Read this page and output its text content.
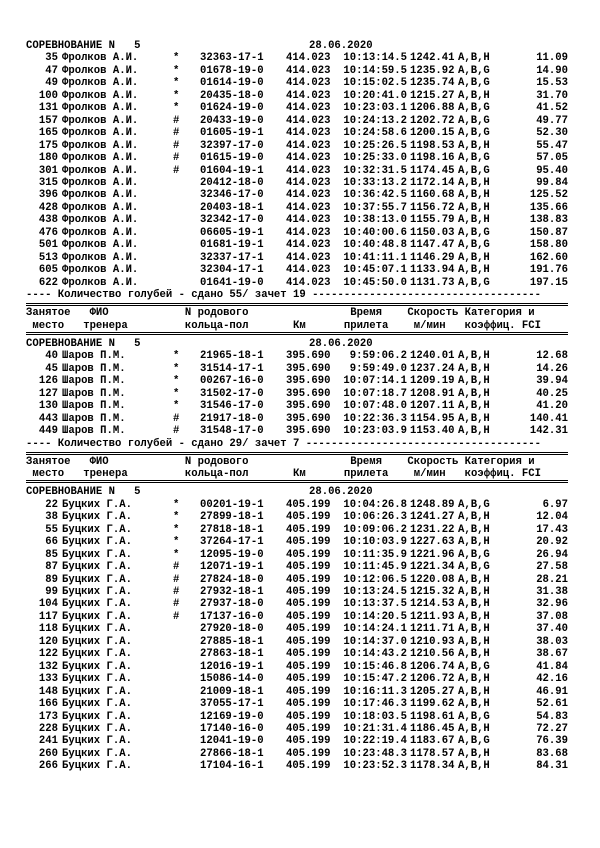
СОРЕВНОВАНИЕ N   5	28.06.2020
35 Фролков А.И.	* 32363-17-1 414.023	10:13:14.5 1242.41 A,B,H	11.09
47 Фролков А.И.	* 01678-19-0 414.023	10:14:59.5 1235.92 A,B,G	14.90
49 Фролков А.И.	* 01614-19-0 414.023	10:15:02.5 1235.74 A,B,G	15.53
100 Фролков А.И.	* 20435-18-0 414.023	10:20:41.0 1215.27 A,B,H	31.70
131 Фролков А.И.	* 01624-19-0 414.023	10:23:03.1 1206.88 A,B,G	41.52
157 Фролков А.И.	# 20433-19-0 414.023	10:24:13.2 1202.72 A,B,G	49.77
165 Фролков А.И.	# 01605-19-1 414.023	10:24:58.6 1200.15 A,B,G	52.30
175 Фролков А.И.	# 32397-17-0 414.023	10:25:26.5 1198.53 A,B,H	55.47
180 Фролков А.И.	# 01615-19-0 414.023	10:25:33.0 1198.16 A,B,G	57.05
301 Фролков А.И.	# 01604-19-1 414.023	10:32:31.5 1174.45 A,B,G	95.40
315 Фролков А.И.	20412-18-0 414.023	10:33:13.2 1172.14 A,B,H	99.84
396 Фролков А.И.	32346-17-0 414.023	10:36:42.5 1160.68 A,B,H	125.52
428 Фролков А.И.	20403-18-1 414.023	10:37:55.7 1156.72 A,B,H	135.66
438 Фролков А.И.	32342-17-0 414.023	10:38:13.0 1155.79 A,B,H	138.83
476 Фролков А.И.	06605-19-1 414.023	10:40:00.6 1150.03 A,B,G	150.87
501 Фролков А.И.	01681-19-1 414.023	10:40:48.8 1147.47 A,B,G	158.80
513 Фролков А.И.	32337-17-1 414.023	10:41:11.1 1146.29 A,B,H	162.60
605 Фролков А.И.	32304-17-1 414.023	10:45:07.1 1133.94 A,B,H	191.76
622 Фролков А.И.	01641-19-0 414.023	10:45:50.0 1131.73 A,B,G	197.15
---- Количество голубей - сдано 55/ зачет 19 ------------------------------------
Занятое   ФИО            N родового                Время    Скорость Категория и
место   тренера         кольца-пол       Км      прилета    м/мин   коэффиц. FCI
СОРЕВНОВАНИЕ N   5	28.06.2020
40 Шаров П.М.	* 21965-18-1 395.690	9:59:06.2 1240.01 A,B,H	12.68
45 Шаров П.М.	* 31514-17-1 395.690	9:59:49.0 1237.24 A,B,H	14.26
126 Шаров П.М.	* 00267-16-0 395.690	10:07:14.1 1209.19 A,B,H	39.94
127 Шаров П.М.	* 31502-17-0 395.690	10:07:18.7 1208.91 A,B,H	40.25
130 Шаров П.М.	* 31546-17-0 395.690	10:07:48.0 1207.11 A,B,H	41.20
443 Шаров П.М.	# 21917-18-0 395.690	10:22:36.3 1154.95 A,B,H	140.41
449 Шаров П.М.	# 31548-17-0 395.690	10:23:03.9 1153.40 A,B,H	142.31
---- Количество голубей - сдано 29/ зачет 7 -------------------------------------
Занятое   ФИО            N родового                Время    Скорость Категория и
место   тренера         кольца-пол       Км      прилета    м/мин   коэффиц. FCI
СОРЕВНОВАНИЕ N   5	28.06.2020
22 Буцких Г.А.	* 00201-19-1 405.199	10:04:26.8 1248.89 A,B,G	6.97
38 Буцких Г.А.	* 27899-18-1 405.199	10:06:26.3 1241.27 A,B,H	12.04
55 Буцких Г.А.	* 27818-18-1 405.199	10:09:06.2 1231.22 A,B,H	17.43
66 Буцких Г.А.	* 37264-17-1 405.199	10:10:03.9 1227.63 A,B,H	20.92
85 Буцких Г.А.	* 12095-19-0 405.199	10:11:35.9 1221.96 A,B,G	26.94
87 Буцких Г.А.	# 12071-19-1 405.199	10:11:45.9 1221.34 A,B,G	27.58
89 Буцких Г.А.	# 27824-18-0 405.199	10:12:06.5 1220.08 A,B,H	28.21
99 Буцких Г.А.	# 27932-18-1 405.199	10:13:24.5 1215.32 A,B,H	31.38
104 Буцких Г.А.	# 27937-18-0 405.199	10:13:37.5 1214.53 A,B,H	32.96
117 Буцких Г.А.	# 17137-16-0 405.199	10:14:20.5 1211.93 A,B,H	37.08
118 Буцких Г.А.	27920-18-0 405.199	10:14:24.1 1211.71 A,B,H	37.40
120 Буцких Г.А.	27885-18-1 405.199	10:14:37.0 1210.93 A,B,H	38.03
122 Буцких Г.А.	27863-18-1 405.199	10:14:43.2 1210.56 A,B,H	38.67
132 Буцких Г.А.	12016-19-1 405.199	10:15:46.8 1206.74 A,B,G	41.84
133 Буцких Г.А.	15086-14-0 405.199	10:15:47.2 1206.72 A,B,H	42.16
148 Буцких Г.А.	21009-18-1 405.199	10:16:11.3 1205.27 A,B,H	46.91
166 Буцких Г.А.	37055-17-1 405.199	10:17:46.3 1199.62 A,B,H	52.61
173 Буцких Г.А.	12169-19-0 405.199	10:18:03.5 1198.61 A,B,G	54.83
228 Буцких Г.А.	17140-16-0 405.199	10:21:31.4 1186.45 A,B,H	72.27
241 Буцких Г.А.	12041-19-0 405.199	10:22:19.4 1183.67 A,B,G	76.39
260 Буцких Г.А.	27866-18-1 405.199	10:23:48.3 1178.57 A,B,H	83.68
266 Буцких Г.А.	17104-16-1 405.199	10:23:52.3 1178.34 A,B,H	84.31
